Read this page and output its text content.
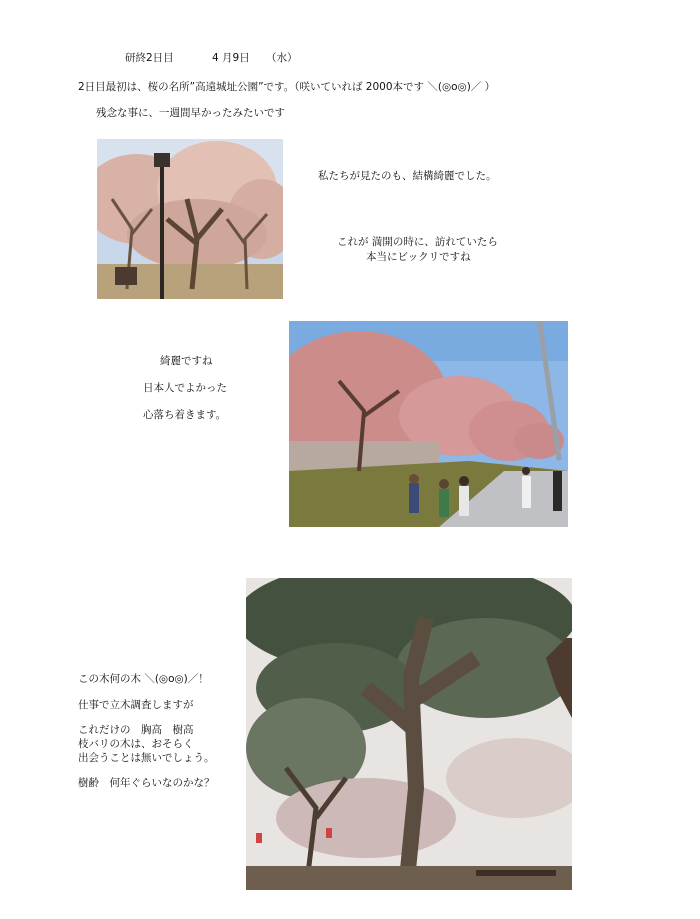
研終2日目	4 月9日 （水）
2日目最初は、桜の名所”高遠城址公園”です。（咲いていれば 2000本です ＼(◎o◎)／ ）
残念な事に、一週間早かったみたいです
私たちが見たのも、結構綺麗でした。
これが 満開の時に、訪れていたら
本当にビックリですね
綺麗ですね
日本人でよかった
心落ち着きます。
この木何の木 ＼(◎o◎)／！
仕事で立木調査しますが
これだけの　胸高　樹高
枝バリの木は、おそらく
出会うことは無いでしょう。
樹齢　何年ぐらいなのかな？
